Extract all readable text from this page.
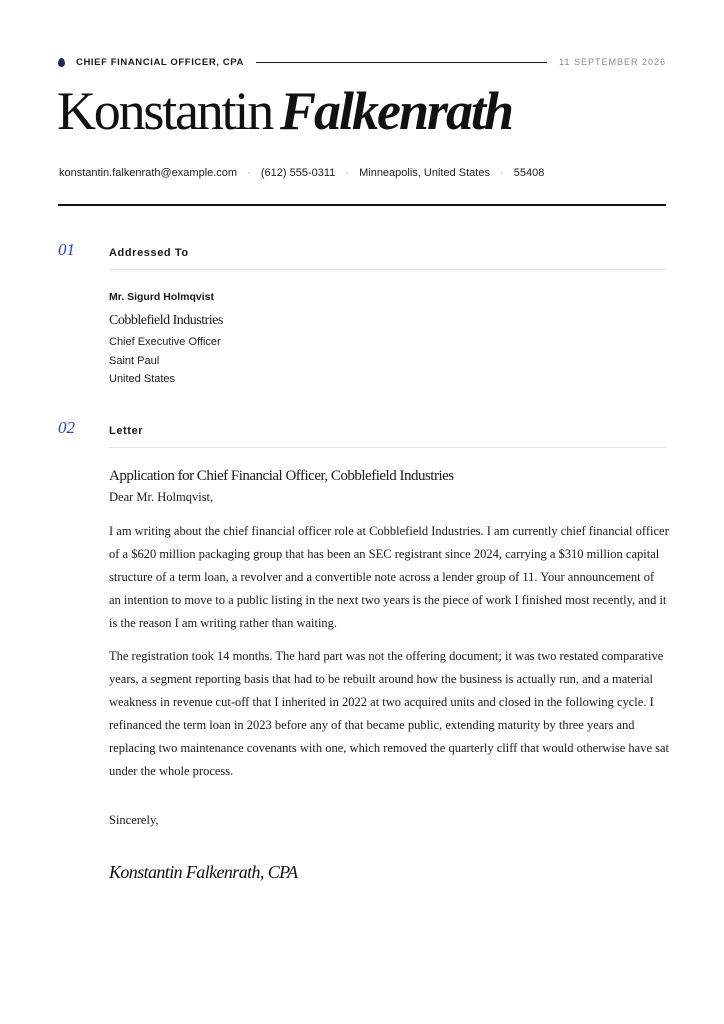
CHIEF FINANCIAL OFFICER, CPA	11 SEPTEMBER 2026
Konstantin Falkenrath
konstantin.falkenrath@example.com · (612) 555-0311 · Minneapolis, United States · 55408
01	Addressed To
Mr. Sigurd Holmqvist
Cobblefield Industries
Chief Executive Officer
Saint Paul
United States
02	Letter
Application for Chief Financial Officer, Cobblefield Industries
Dear Mr. Holmqvist,

I am writing about the chief financial officer role at Cobblefield Industries. I am currently chief financial officer of a $620 million packaging group that has been an SEC registrant since 2024, carrying a $310 million capital structure of a term loan, a revolver and a convertible note across a lender group of 11. Your announcement of an intention to move to a public listing in the next two years is the piece of work I finished most recently, and it is the reason I am writing rather than waiting.

The registration took 14 months. The hard part was not the offering document; it was two restated comparative years, a segment reporting basis that had to be rebuilt around how the business is actually run, and a material weakness in revenue cut-off that I inherited in 2022 at two acquired units and closed in the following cycle. I refinanced the term loan in 2023 before any of that became public, extending maturity by three years and replacing two maintenance covenants with one, which removed the quarterly cliff that would otherwise have sat under the whole process.

Sincerely,
Konstantin Falkenrath, CPA
